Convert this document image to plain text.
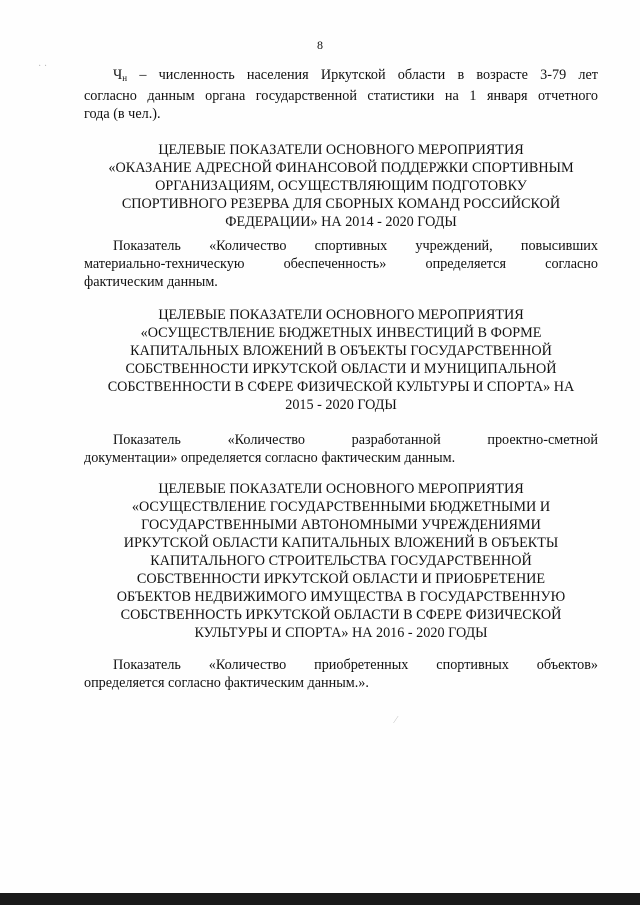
8
· ·
⁄
$Ч_н$ – численность населения Иркутской области в возрасте 3-79 лет
согласно данным органа государственной статистики на 1 января отчетного
года (в чел.).
ЦЕЛЕВЫЕ ПОКАЗАТЕЛИ ОСНОВНОГО МЕРОПРИЯТИЯ
«ОКАЗАНИЕ АДРЕСНОЙ ФИНАНСОВОЙ ПОДДЕРЖКИ СПОРТИВНЫМ
ОРГАНИЗАЦИЯМ, ОСУЩЕСТВЛЯЮЩИМ ПОДГОТОВКУ
СПОРТИВНОГО РЕЗЕРВА ДЛЯ СБОРНЫХ КОМАНД РОССИЙСКОЙ
ФЕДЕРАЦИИ» НА 2014 - 2020 ГОДЫ
Показатель «Количество спортивных учреждений, повысивших
материально-техническую обеспеченность» определяется согласно
фактическим данным.
ЦЕЛЕВЫЕ ПОКАЗАТЕЛИ ОСНОВНОГО МЕРОПРИЯТИЯ
«ОСУЩЕСТВЛЕНИЕ БЮДЖЕТНЫХ ИНВЕСТИЦИЙ В ФОРМЕ
КАПИТАЛЬНЫХ ВЛОЖЕНИЙ В ОБЪЕКТЫ ГОСУДАРСТВЕННОЙ
СОБСТВЕННОСТИ ИРКУТСКОЙ ОБЛАСТИ И МУНИЦИПАЛЬНОЙ
СОБСТВЕННОСТИ В СФЕРЕ ФИЗИЧЕСКОЙ КУЛЬТУРЫ И СПОРТА» НА
2015 - 2020 ГОДЫ
Показатель «Количество разработанной проектно-сметной
документации» определяется согласно фактическим данным.
ЦЕЛЕВЫЕ ПОКАЗАТЕЛИ ОСНОВНОГО МЕРОПРИЯТИЯ
«ОСУЩЕСТВЛЕНИЕ ГОСУДАРСТВЕННЫМИ БЮДЖЕТНЫМИ И
ГОСУДАРСТВЕННЫМИ АВТОНОМНЫМИ УЧРЕЖДЕНИЯМИ
ИРКУТСКОЙ ОБЛАСТИ КАПИТАЛЬНЫХ ВЛОЖЕНИЙ В ОБЪЕКТЫ
КАПИТАЛЬНОГО СТРОИТЕЛЬСТВА ГОСУДАРСТВЕННОЙ
СОБСТВЕННОСТИ ИРКУТСКОЙ ОБЛАСТИ И ПРИОБРЕТЕНИЕ
ОБЪЕКТОВ НЕДВИЖИМОГО ИМУЩЕСТВА В ГОСУДАРСТВЕННУЮ
СОБСТВЕННОСТЬ ИРКУТСКОЙ ОБЛАСТИ В СФЕРЕ ФИЗИЧЕСКОЙ
КУЛЬТУРЫ И СПОРТА» НА 2016 - 2020 ГОДЫ
Показатель «Количество приобретенных спортивных объектов»
определяется согласно фактическим данным.».
